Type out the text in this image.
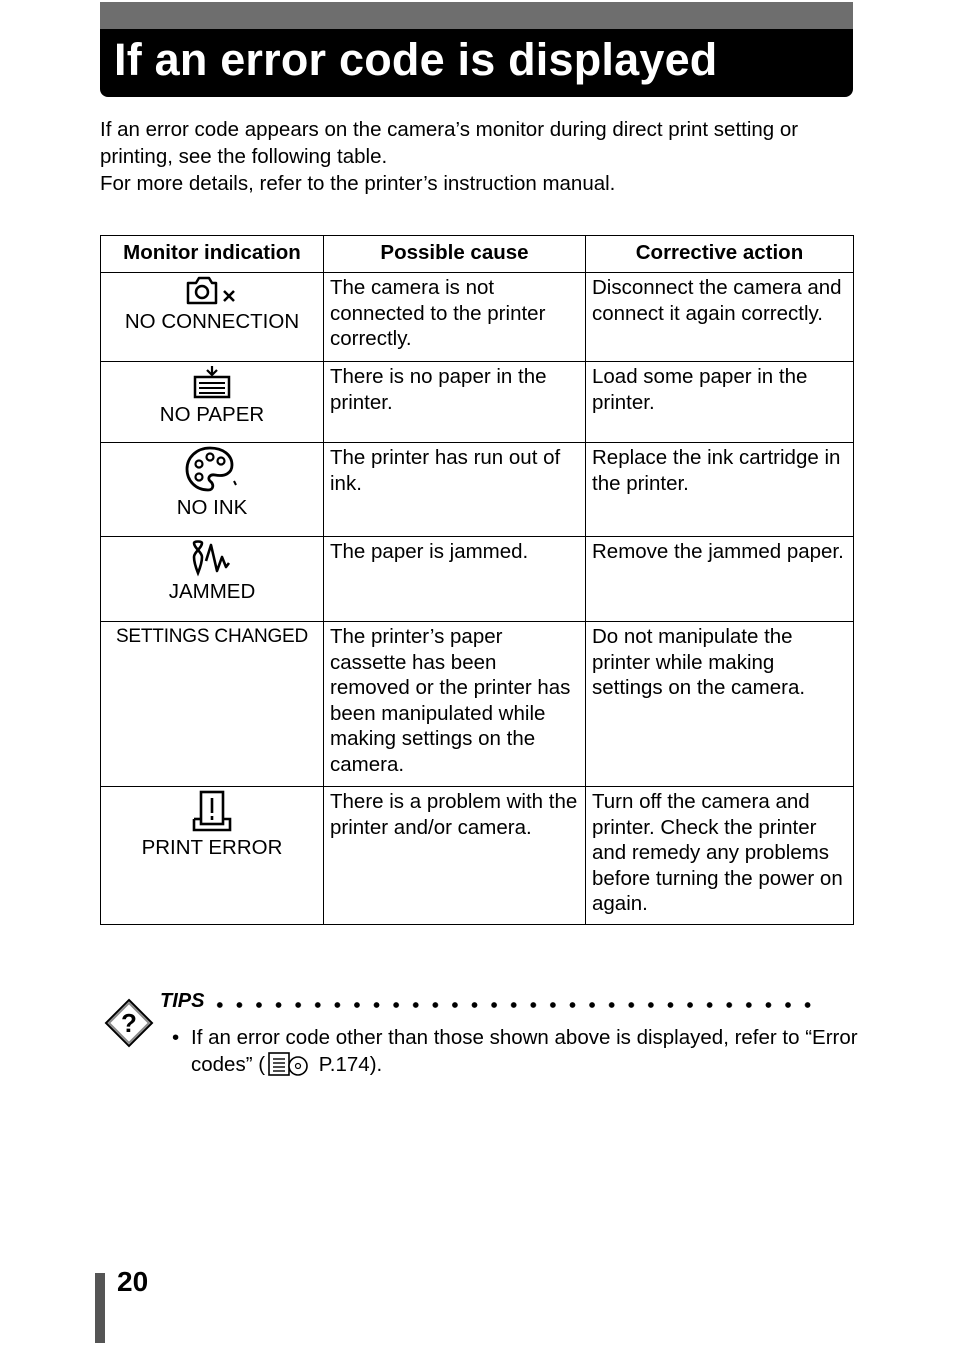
If an error code is displayed

If an error code appears on the camera’s monitor during direct print setting or printing, see the following table.

For more details, refer to the printer’s instruction manual.

Monitor indication	Possible cause	Corrective action

NO CONNECTION	The camera is not connected to the printer correctly.	Disconnect the camera and connect it again correctly.

NO PAPER	There is no paper in the printer.	Load some paper in the printer.

NO INK	The printer has run out of ink.	Replace the ink cartridge in the printer.

JAMMED	The paper is jammed.	Remove the jammed paper.

SETTINGS CHANGED	The printer’s paper cassette has been removed or the printer has been manipulated while making settings on the camera.	Do not manipulate the printer while making settings on the camera.

PRINT ERROR	There is a problem with the printer and/or camera.	Turn off the camera and printer. Check the printer and remedy any problems before turning the power on again.
?
TIPS
• If an error code other than those shown above is displayed, refer to “Error codes” ( P.174).
20
